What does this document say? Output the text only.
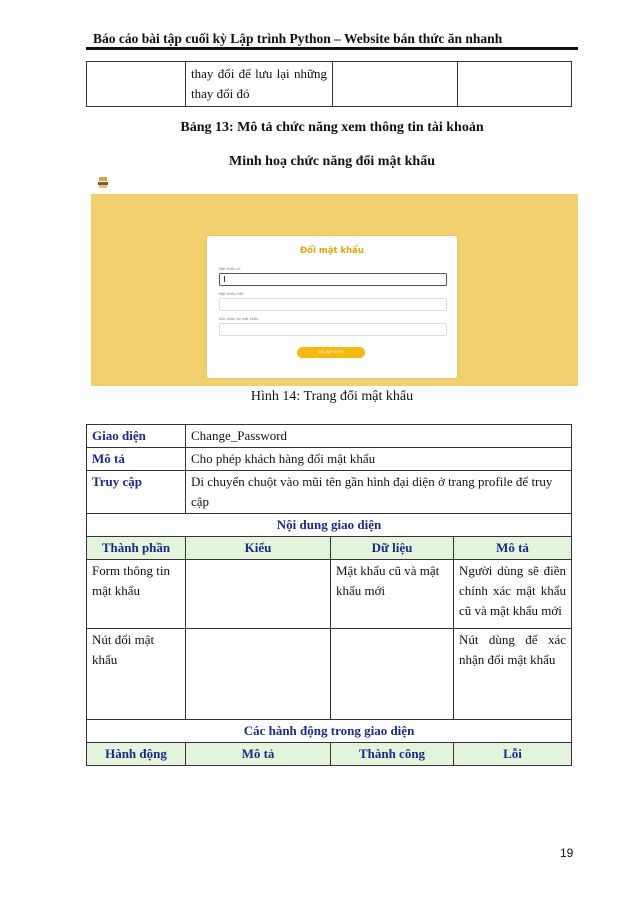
Báo cáo bài tập cuối kỳ Lập trình Python – Website bán thức ăn nhanh
	thay đổi để lưu lại những thay đổi đó		
Bảng 13: Mô tả chức năng xem thông tin tài khoản
Minh hoạ chức năng đổi mật khẩu
Đổi mật khẩu
Mật khẩu cũ
Mật khẩu mới
Xác nhận lại mật khẩu
ĐỔI MẬT KHẨU
Hình 14: Trang đổi mật khẩu
Giao diện	Change_Password		
Mô tả	Cho phép khách hàng đổi mật khẩu		
Truy cập	Di chuyển chuột vào mũi tên gần hình đại diện ở trang profile để truy cập		
Nội dung giao diện			
Thành phần	Kiểu	Dữ liệu	Mô tả
Form thông tin mật khẩu		Mật khẩu cũ và mật khẩu mới	Người dùng sẽ điền chính xác mật khẩu cũ và mật khẩu mới
Nút đổi mật khẩu			Nút dùng để xác nhận đổi mật khẩu
Các hành động trong giao diện			
Hành động	Mô tả	Thành công	Lỗi
19
